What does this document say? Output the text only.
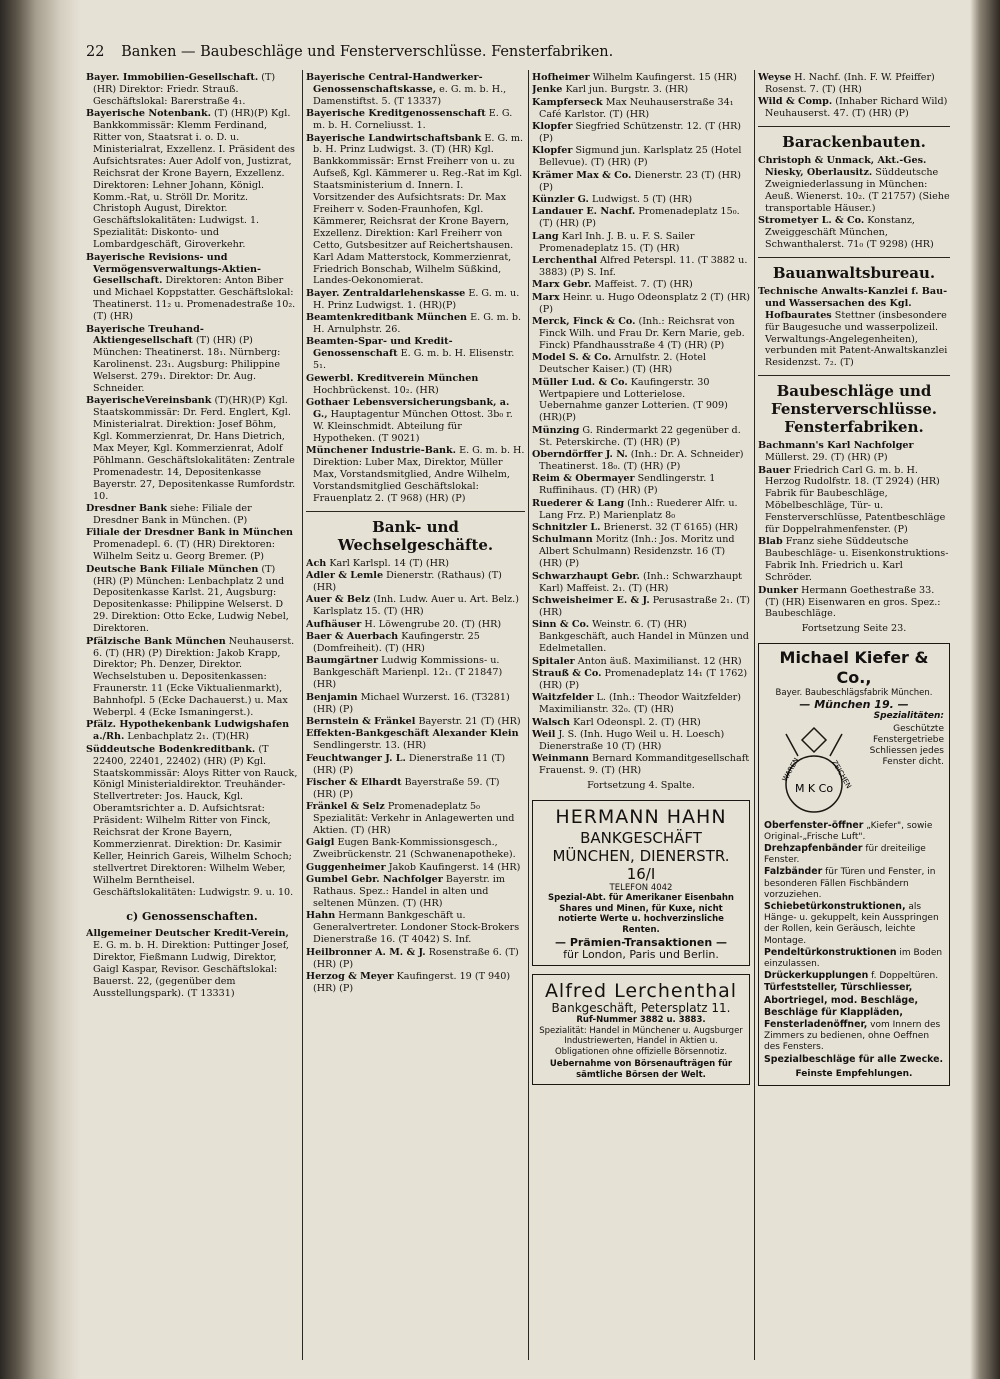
22 Banken — Baubeschläge und Fensterverschlüsse. Fensterfabriken.
Bayer. Immobilien-Gesellschaft. (T) (HR) Direktor: Friedr. Strauß. Geschäftslokal: Barerstraße 4₁.
Bayerische Notenbank. (T) (HR)(P) Kgl. Bankkommissär: Klemm Ferdinand, Ritter von, Staatsrat i. o. D. u. Ministerialrat, Exzellenz. I. Präsident des Aufsichtsrates: Auer Adolf von, Justizrat, Reichsrat der Krone Bayern, Exzellenz. Direktoren: Lehner Johann, Königl. Komm.-Rat, u. Ströll Dr. Moritz. Christoph August, Direktor. Geschäftslokalitäten: Ludwigst. 1. Spezialität: Diskonto- und Lombardgeschäft, Giroverkehr.
Bayerische Revisions- und Vermögensverwaltungs-Aktien-Gesellschaft. Direktoren: Anton Biber und Michael Koppstatter. Geschäftslokal: Theatinerst. 11₂ u. Promenadestraße 10₂. (T) (HR)
Bayerische Treuhand-Aktiengesellschaft (T) (HR) (P) München: Theatinerst. 18₁. Nürnberg: Karolinenst. 23₁. Augsburg: Philippine Welserst. 279₁. Direktor: Dr. Aug. Schneider.
BayerischeVereinsbank (T)(HR)(P) Kgl. Staatskommissär: Dr. Ferd. Englert, Kgl. Ministerialrat. Direktion: Josef Böhm, Kgl. Kommerzienrat, Dr. Hans Dietrich, Max Meyer, Kgl. Kommerzienrat, Adolf Pöhlmann. Geschäftslokalitäten: Zentrale Promenadestr. 14, Depositenkasse Bayerstr. 27, Depositenkasse Rumfordstr. 10.
Dresdner Bank siehe: Filiale der Dresdner Bank in München. (P)
Filiale der Dresdner Bank in München Promenadepl. 6. (T) (HR) Direktoren: Wilhelm Seitz u. Georg Bremer. (P)
Deutsche Bank Filiale München (T) (HR) (P) München: Lenbachplatz 2 und Depositenkasse Karlst. 21, Augsburg: Depositenkasse: Philippine Welserst. D 29. Direktion: Otto Ecke, Ludwig Nebel, Direktoren.
Pfälzische Bank München Neuhauserst. 6. (T) (HR) (P) Direktion: Jakob Krapp, Direktor; Ph. Denzer, Direktor. Wechselstuben u. Depositenkassen: Fraunerstr. 11 (Ecke Viktualienmarkt), Bahnhofpl. 5 (Ecke Dachauerst.) u. Max Weberpl. 4 (Ecke Ismaningerst.).
Pfälz. Hypothekenbank Ludwigshafen a./Rh. Lenbachplatz 2₁. (T)(HR)
Süddeutsche Bodenkreditbank. (T 22400, 22401, 22402) (HR) (P) Kgl. Staatskommissär: Aloys Ritter von Rauck, Königl Ministerialdirektor. Treuhänder-Stellvertreter: Jos. Hauck, Kgl. Oberamtsrichter a. D. Aufsichtsrat: Präsident: Wilhelm Ritter von Finck, Reichsrat der Krone Bayern, Kommerzienrat. Direktion: Dr. Kasimir Keller, Heinrich Gareis, Wilhelm Schoch; stellvertret Direktoren: Wilhelm Weber, Wilhelm Berntheisel. Geschäftslokalitäten: Ludwigstr. 9. u. 10.
c) Genossenschaften.
Allgemeiner Deutscher Kredit-Verein, E. G. m. b. H. Direktion: Puttinger Josef, Direktor, Fießmann Ludwig, Direktor, Gaigl Kaspar, Revisor. Geschäftslokal: Bauerst. 22, (gegenüber dem Ausstellungspark). (T 13331)
Bayerische Central-Handwerker-Genossenschaftskasse, e. G. m. b. H., Damenstiftst. 5. (T 13337)
Bayerische Kreditgenossenschaft E. G. m. b. H. Corneliusst. 1.
Bayerische Landwirtschaftsbank E. G. m. b. H. Prinz Ludwigst. 3. (T) (HR) Kgl. Bankkommissär: Ernst Freiherr von u. zu Aufseß, Kgl. Kämmerer u. Reg.-Rat im Kgl. Staatsministerium d. Innern. I. Vorsitzender des Aufsichtsrats: Dr. Max Freiherr v. Soden-Fraunhofen, Kgl. Kämmerer, Reichsrat der Krone Bayern, Exzellenz. Direktion: Karl Freiherr von Cetto, Gutsbesitzer auf Reichertshausen. Karl Adam Matterstock, Kommerzienrat, Friedrich Bonschab, Wilhelm Süßkind, Landes-Oekonomierat.
Bayer. Zentraldarlehenskasse E. G. m. u. H. Prinz Ludwigst. 1. (HR)(P)
Beamtenkreditbank München E. G. m. b. H. Arnulphstr. 26.
Beamten-Spar- und Kredit-Genossenschaft E. G. m. b. H. Elisenstr. 5₁.
Gewerbl. Kreditverein München Hochbrückenst. 10₂. (HR)
Gothaer Lebensversicherungsbank, a. G., Hauptagentur München Ottost. 3b₀ r. W. Kleinschmidt. Abteilung für Hypotheken. (T 9021)
Münchener Industrie-Bank. E. G. m. b. H. Direktion: Luber Max, Direktor, Müller Max, Vorstandsmitglied, Andre Wilhelm, Vorstandsmitglied Geschäftslokal: Frauenplatz 2. (T 968) (HR) (P)
Bank- und Wechselgeschäfte.
Ach Karl Karlspl. 14 (T) (HR)
Adler & Lemle Dienerstr. (Rathaus) (T) (HR)
Auer & Belz (Inh. Ludw. Auer u. Art. Belz.) Karlsplatz 15. (T) (HR)
Aufhäuser H. Löwengrube 20. (T) (HR)
Baer & Auerbach Kaufingerstr. 25 (Domfreiheit). (T) (HR)
Baumgärtner Ludwig Kommissions- u. Bankgeschäft Marienpl. 12₁. (T 21847) (HR)
Benjamin Michael Wurzerst. 16. (T3281) (HR) (P)
Bernstein & Fränkel Bayerstr. 21 (T) (HR)
Effekten-Bankgeschäft Alexander Klein Sendlingerstr. 13. (HR)
Feuchtwanger J. L. Dienerstraße 11 (T) (HR) (P)
Fischer & Elhardt Bayerstraße 59. (T) (HR) (P)
Fränkel & Selz Promenadeplatz 5₀ Spezialität: Verkehr in Anlagewerten und Aktien. (T) (HR)
Gaigl Eugen Bank-Kommissionsgesch., Zweibrückenstr. 21 (Schwanenapotheke).
Guggenheimer Jakob Kaufingerst. 14 (HR)
Gumbel Gebr. Nachfolger Bayerstr. im Rathaus. Spez.: Handel in alten und seltenen Münzen. (T) (HR)
Hahn Hermann Bankgeschäft u. Generalvertreter. Londoner Stock-Brokers Dienerstraße 16. (T 4042) S. Inf.
Heilbronner A. M. & J. Rosenstraße 6. (T) (HR) (P)
Herzog & Meyer Kaufingerst. 19 (T 940) (HR) (P)
Hofheimer Wilhelm Kaufingerst. 15 (HR)
Jenke Karl jun. Burgstr. 3. (HR)
Kampferseck Max Neuhauserstraße 34₁ Café Karlstor. (T) (HR)
Klopfer Siegfried Schützenstr. 12. (T (HR) (P)
Klopfer Sigmund jun. Karlsplatz 25 (Hotel Bellevue). (T) (HR) (P)
Krämer Max & Co. Dienerstr. 23 (T) (HR) (P)
Künzler G. Ludwigst. 5 (T) (HR)
Landauer E. Nachf. Promenadeplatz 15₀. (T) (HR) (P)
Lang Karl Inh. J. B. u. F. S. Sailer Promenadeplatz 15. (T) (HR)
Lerchenthal Alfred Peterspl. 11. (T 3882 u. 3883) (P) S. Inf.
Marx Gebr. Maffeist. 7. (T) (HR)
Marx Heinr. u. Hugo Odeonsplatz 2 (T) (HR) (P)
Merck, Finck & Co. (Inh.: Reichsrat von Finck Wilh. und Frau Dr. Kern Marie, geb. Finck) Pfandhausstraße 4 (T) (HR) (P)
Model S. & Co. Arnulfstr. 2. (Hotel Deutscher Kaiser.) (T) (HR)
Müller Lud. & Co. Kaufingerstr. 30 Wertpapiere und Lotterielose. Uebernahme ganzer Lotterien. (T 909)(HR)(P)
Münzing G. Rindermarkt 22 gegenüber d. St. Peterskirche. (T) (HR) (P)
Oberndörffer J. N. (Inh.: Dr. A. Schneider) Theatinerst. 18₀. (T) (HR) (P)
Reim & Obermayer Sendlingerstr. 1 Ruffinihaus. (T) (HR) (P)
Ruederer & Lang (Inh.: Ruederer Alfr. u. Lang Frz. P.) Marienplatz 8₀
Schnitzler L. Brienerst. 32 (T 6165) (HR)
Schulmann Moritz (Inh.: Jos. Moritz und Albert Schulmann) Residenzstr. 16 (T) (HR) (P)
Schwarzhaupt Gebr. (Inh.: Schwarzhaupt Karl) Maffeist. 2₁. (T) (HR)
Schweisheimer E. & J. Perusastraße 2₁. (T) (HR)
Sinn & Co. Weinstr. 6. (T) (HR) Bankgeschäft, auch Handel in Münzen und Edelmetallen.
Spitaler Anton äuß. Maximilianst. 12 (HR)
Strauß & Co. Promenadeplatz 14₁ (T 1762) (HR) (P)
Waitzfelder L. (Inh.: Theodor Waitzfelder) Maximilianstr. 32₀. (T) (HR)
Walsch Karl Odeonspl. 2. (T) (HR)
Weil J. S. (Inh. Hugo Weil u. H. Loesch) Dienerstraße 10 (T) (HR)
Weinmann Bernard Kommanditgesellschaft Frauenst. 9. (T) (HR)
Fortsetzung 4. Spalte.
HERMANN HAHN
BANKGESCHÄFT
MÜNCHEN, DIENERSTR. 16/I
TELEFON 4042
Spezial-Abt. für Amerikaner Eisenbahn Shares und Minen, für Kuxe, nicht notierte Werte u. hochverzinsliche Renten.
— Prämien-Transaktionen —
für London, Paris und Berlin.
Alfred Lerchenthal
Bankgeschäft, Petersplatz 11.
Ruf-Nummer 3882 u. 3883.
Spezialität: Handel in Münchener u. Augsburger Industriewerten, Handel in Aktien u. Obligationen ohne offizielle Börsennotiz.
Uebernahme von Börsenaufträgen für sämtliche Börsen der Welt.
Weyse H. Nachf. (Inh. F. W. Pfeiffer) Rosenst. 7. (T) (HR)
Wild & Comp. (Inhaber Richard Wild) Neuhauserst. 47. (T) (HR) (P)
Barackenbauten.
Christoph & Unmack, Akt.-Ges. Niesky, Oberlausitz. Süddeutsche Zweigniederlassung in München: Aeuß. Wienerst. 10₂. (T 21757) (Siehe transportable Häuser.)
Strometyer L. & Co. Konstanz, Zweiggeschäft München, Schwanthalerst. 71₀ (T 9298) (HR)
Bauanwaltsbureau.
Technische Anwalts-Kanzlei f. Bau- und Wassersachen des Kgl. Hofbaurates Stettner (insbesondere für Baugesuche und wasserpolizeil. Verwaltungs-Angelegenheiten), verbunden mit Patent-Anwaltskanzlei Residenzst. 7₂. (T)
Baubeschläge und Fensterverschlüsse. Fensterfabriken.
Bachmann's Karl Nachfolger Müllerst. 29. (T) (HR) (P)
Bauer Friedrich Carl G. m. b. H. Herzog Rudolfstr. 18. (T 2924) (HR) Fabrik für Baubeschläge, Möbelbeschläge, Tür- u. Fensterverschlüsse, Patentbeschläge für Doppelrahmenfenster. (P)
Blab Franz siehe Süddeutsche Baubeschläge- u. Eisenkonstruktions-Fabrik Inh. Friedrich u. Karl Schröder.
Dunker Hermann Goethestraße 33. (T) (HR) Eisenwaren en gros. Spez.: Baubeschläge.
Fortsetzung Seite 23.
Michael Kiefer & Co.,
Bayer. Baubeschlägsfabrik München.
— München 19. —
Spezialitäten:
WAREN	ZEICHEN
M K Co
Geschützte Fenstergetriebe Schliessen jedes Fenster dicht.
Oberfenster-öffner „Kiefer", sowie Original-„Frische Luft".
Drehzapfenbänder für dreiteilige Fenster.
Falzbänder für Türen und Fenster, in besonderen Fällen Fischbändern vorzuziehen.
Schiebetürkonstruktionen, als Hänge- u. gekuppelt, kein Ausspringen der Rollen, kein Geräusch, leichte Montage.
Pendeltürkonstruktionen im Boden einzulassen.
Drückerkupplungen f. Doppeltüren.
Türfeststeller, Türschliesser, Abortriegel, mod. Beschläge, Beschläge für Klappläden, Fensterladenöffner, vom Innern des Zimmers zu bedienen, ohne Oeffnen des Fensters.
Spezialbeschläge für alle Zwecke.
Feinste Empfehlungen.
